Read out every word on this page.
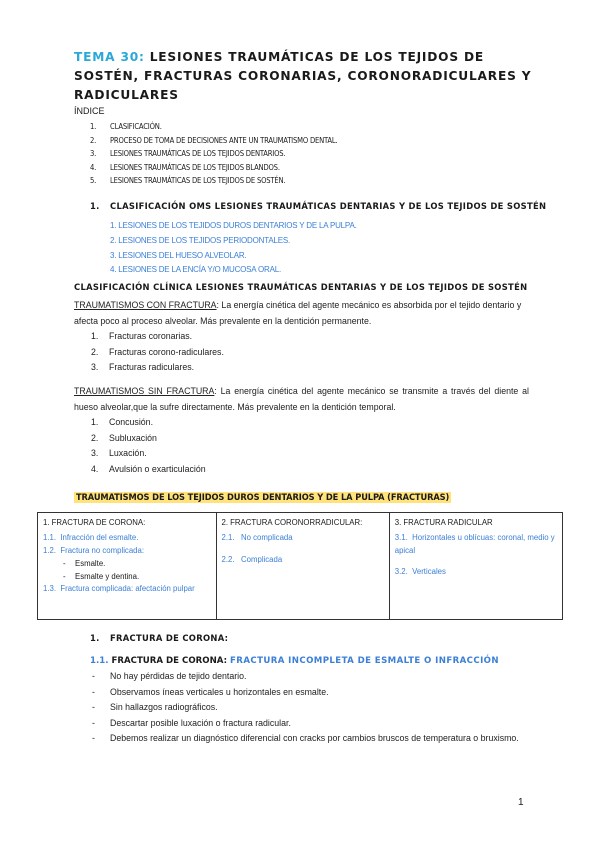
TEMA 30: LESIONES TRAUMÁTICAS DE LOS TEJIDOS DE SOSTÉN, FRACTURAS CORONARIAS, CORONORADICULARES Y RADICULARES
ÍNDICE
1. CLASIFICACIÓN.
2. PROCESO DE TOMA DE DECISIONES ANTE UN TRAUMATISMO DENTAL.
3. LESIONES TRAUMÁTICAS DE LOS TEJIDOS DENTARIOS.
4. LESIONES TRAUMÁTICAS DE LOS TEJIDOS BLANDOS.
5. LESIONES TRAUMÁTICAS DE LOS TEJIDOS DE SOSTÉN.
1. CLASIFICACIÓN OMS LESIONES TRAUMÁTICAS DENTARIAS Y DE LOS TEJIDOS DE SOSTÉN
1. LESIONES DE LOS TEJIDOS DUROS DENTARIOS Y DE LA PULPA.
2. LESIONES DE LOS TEJIDOS PERIODONTALES.
3. LESIONES DEL HUESO ALVEOLAR.
4. LESIONES DE LA ENCÍA Y/O MUCOSA ORAL.
CLASIFICACIÓN CLÍNICA LESIONES TRAUMÁTICAS DENTARIAS Y DE LOS TEJIDOS DE SOSTÉN
TRAUMATISMOS CON FRACTURA: La energía cinética del agente mecánico es absorbida por el tejido dentario y afecta poco al proceso alveolar. Más prevalente en la dentición permanente.
1. Fracturas coronarias.
2. Fracturas corono-radiculares.
3. Fracturas radiculares.
TRAUMATISMOS SIN FRACTURA: La energía cinética del agente mecánico se transmite a través del diente al hueso alveolar,que la sufre directamente. Más prevalente en la dentición temporal.
1. Concusión.
2. Subluxación
3. Luxación.
4. Avulsión o exarticulación
TRAUMATISMOS DE LOS TEJIDOS DUROS DENTARIOS Y DE LA PULPA (FRACTURAS)
1. FRACTURA DE CORONA:
1.1. Infracción del esmalte.
1.2. Fractura no complicada:
- Esmalte.
- Esmalte y dentina.
1.3. Fractura complicada: afectación pulpar

2. FRACTURA CORONORRADICULAR:
2.1. No complicada
2.2. Complicada

3. FRACTURA RADICULAR
3.1. Horizontales u oblícuas: coronal, medio y apical
3.2. Verticales
1. FRACTURA DE CORONA:
1.1. FRACTURA DE CORONA: FRACTURA INCOMPLETA DE ESMALTE O INFRACCIÓN
- No hay pérdidas de tejido dentario.
- Observamos íneas verticales u horizontales en esmalte.
- Sin hallazgos radiográficos.
- Descartar posible luxación o fractura radicular.
- Debemos realizar un diagnóstico diferencial con cracks por cambios bruscos de temperatura o bruxismo.
1
